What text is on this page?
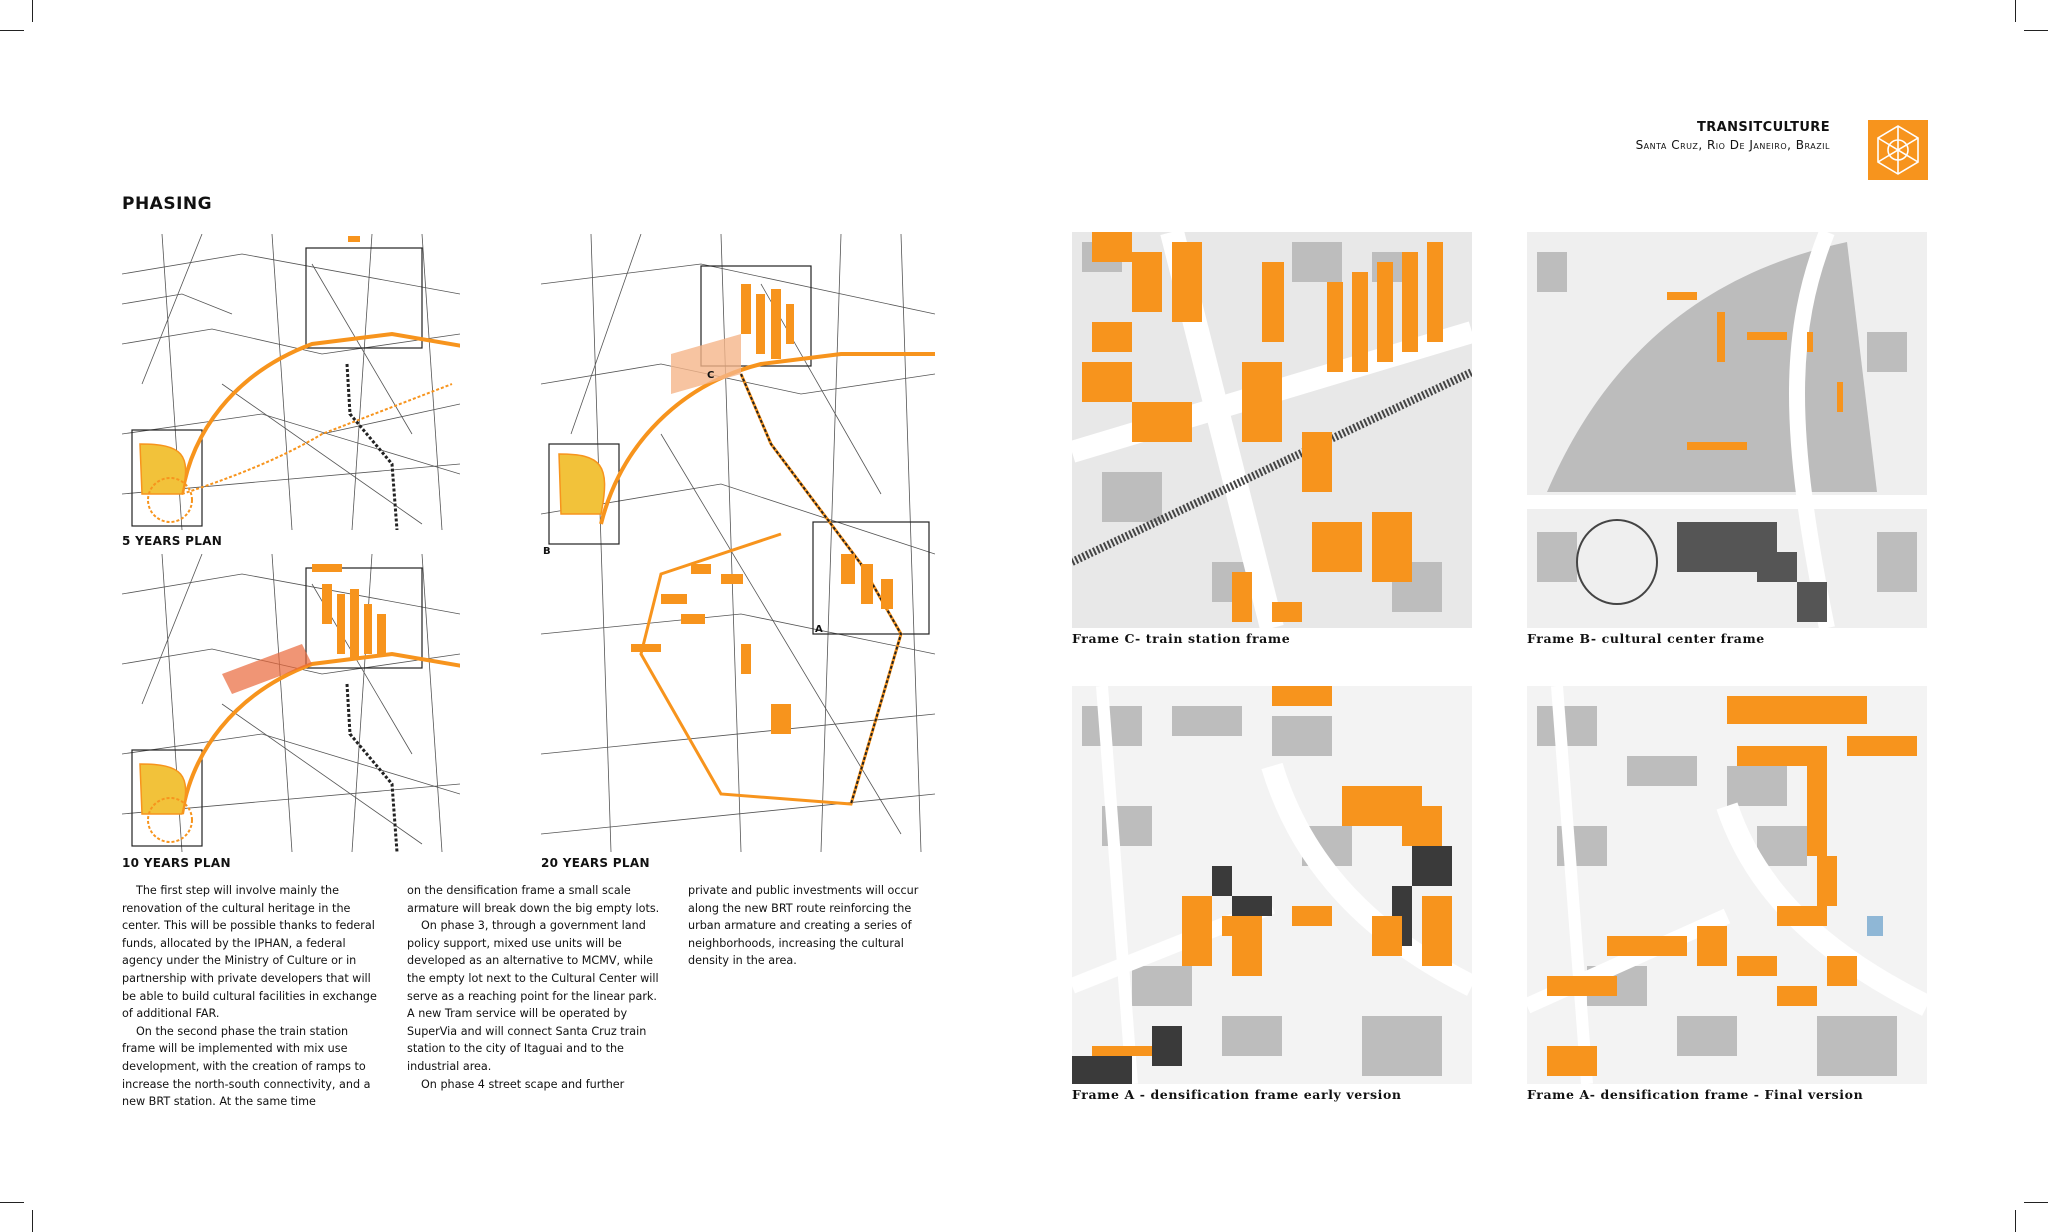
TRANSITCULTURE
Santa Cruz, Rio De Janeiro, Brazil
PHASING
5 YEARS PLAN
10 YEARS PLAN
C
B
A
20 YEARS PLAN

The first step will involve mainly the renovation of the cultural heritage in the center. This will be possible thanks to federal funds, allocated by the IPHAN, a federal agency under the Ministry of Culture or in partnership with private developers that will be able to build cultural facilities in exchange of additional FAR.

On the second phase the train station frame will be implemented with mix use development, with the creation of ramps to increase the north-south connectivity, and a new BRT station. At the same time

on the densification frame a small scale armature will break down the big empty lots.

On phase 3, through a government land policy support, mixed use units will be developed as an alternative to MCMV, while the empty lot next to the Cultural Center will serve as a reaching point for the linear park. A new Tram service will be operated by SuperVia and will connect Santa Cruz train station to the city of Itaguai and to the industrial area.

On phase 4 street scape and further

private and public investments will occur along the new BRT route reinforcing the urban armature and creating a series of neighborhoods, increasing the cultural density in the area.

Frame C- train station frame	Frame B- cultural center frame
Frame A - densification frame early version	Frame A- densification frame - Final version
